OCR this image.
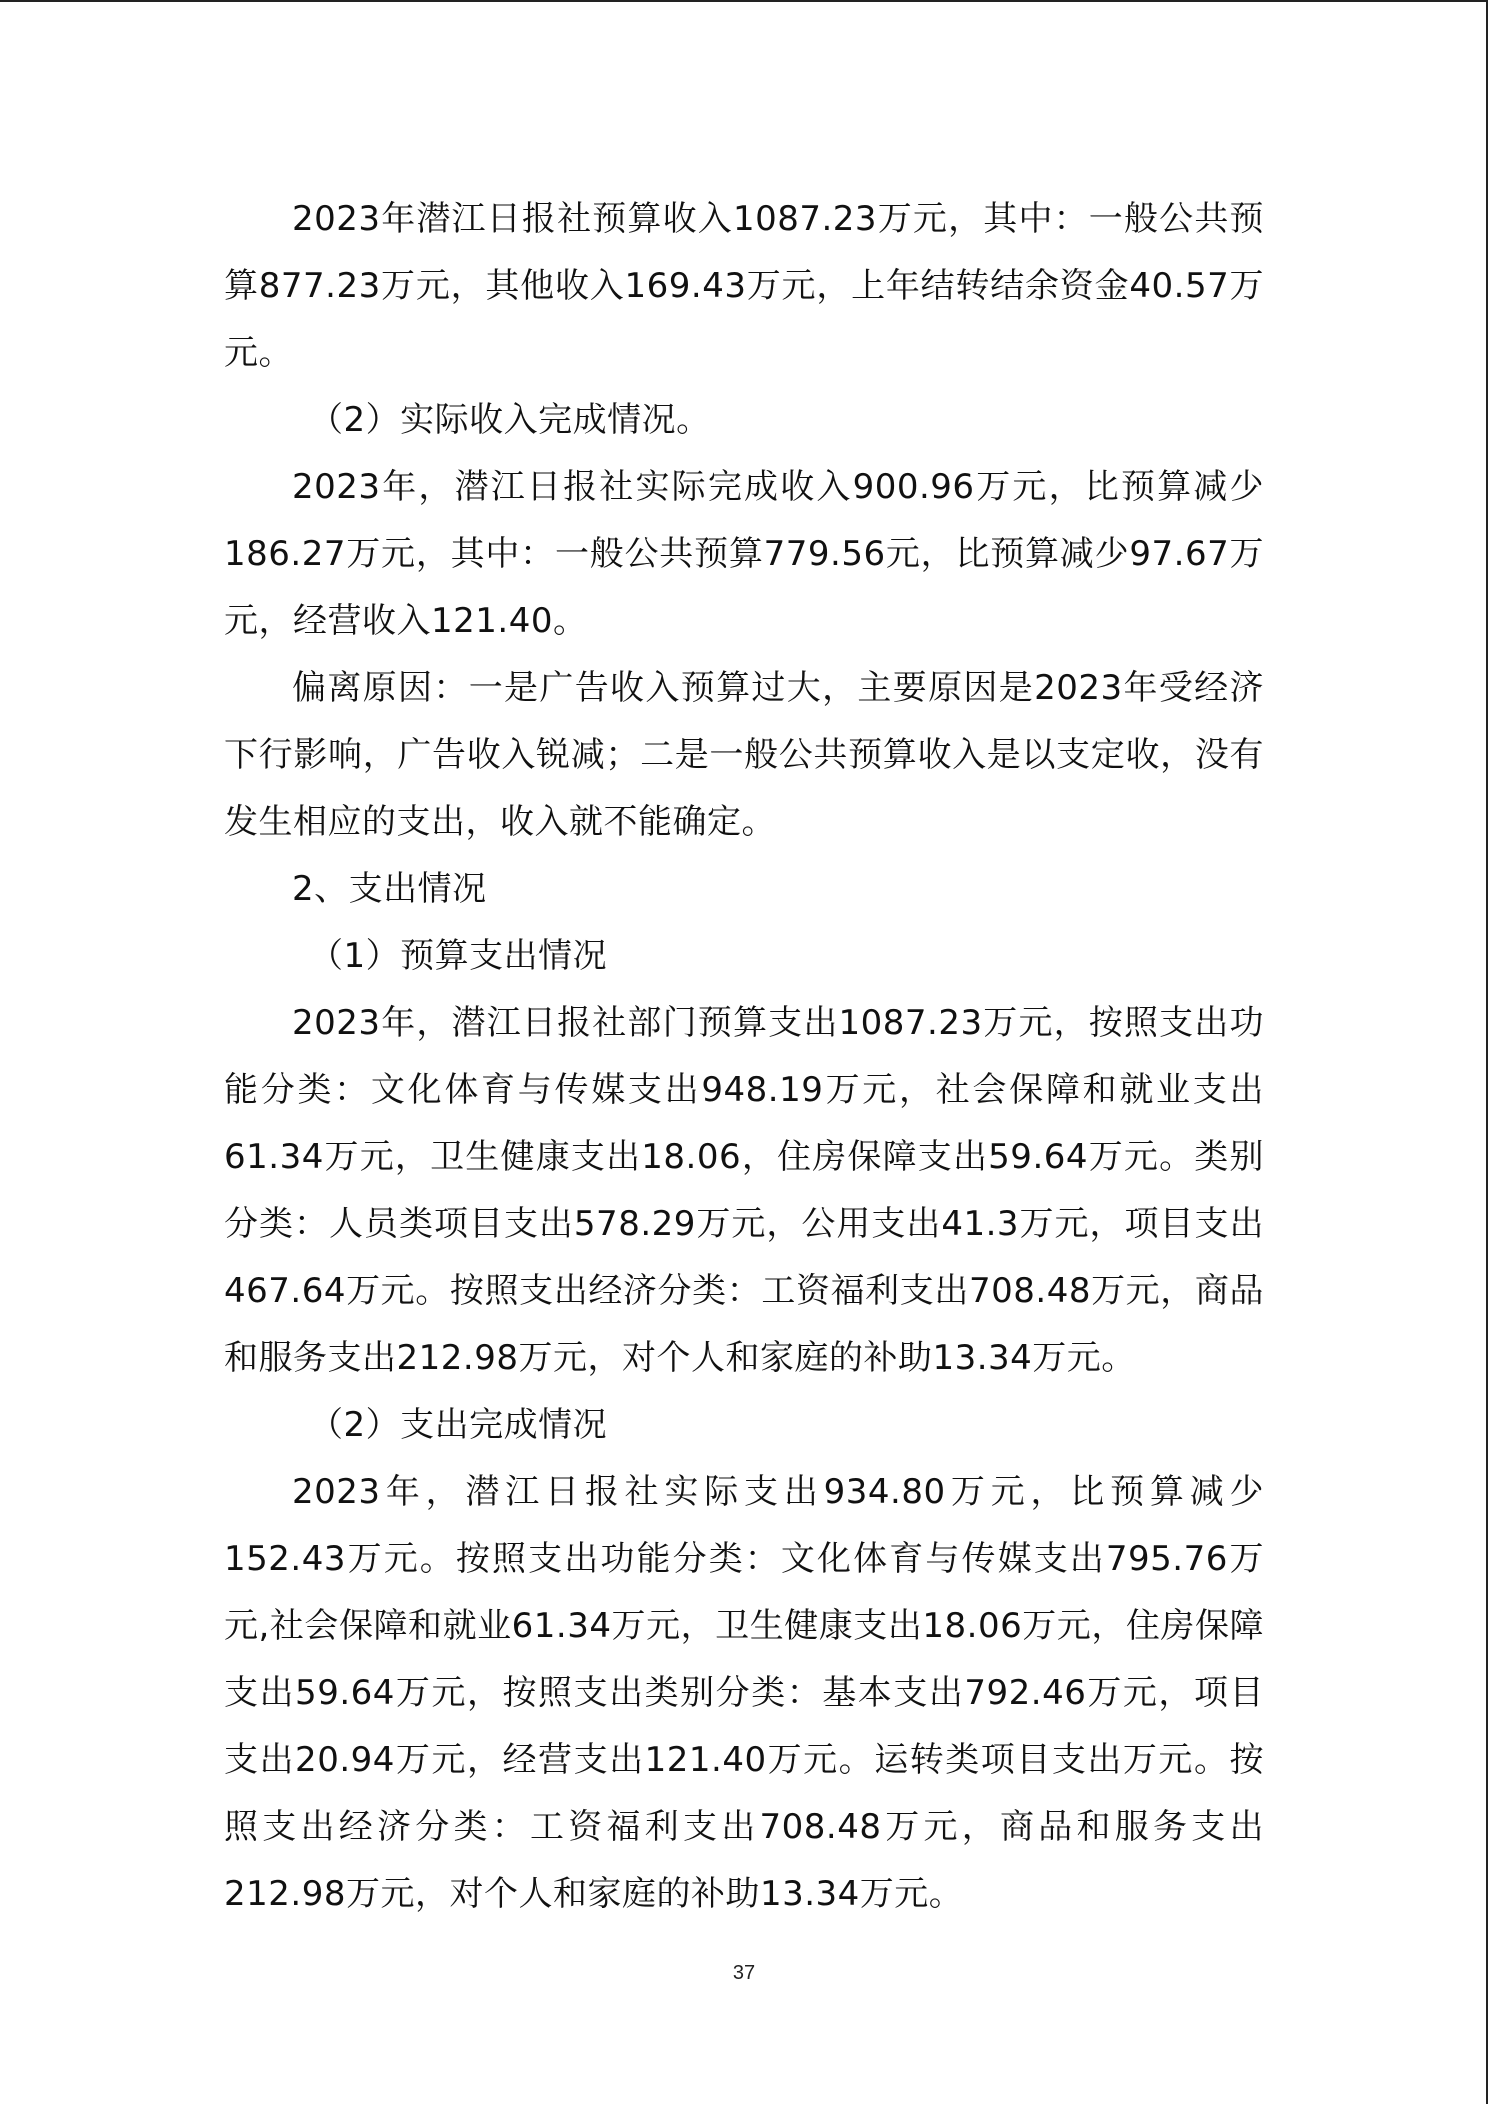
2023年潜江日报社预算收入1087.23万元，其中：一般公共预算877.23万元，其他收入169.43万元，上年结转结余资金40.57万元。

（2）实际收入完成情况。

2023年，潜江日报社实际完成收入900.96万元，比预算减少186.27万元，其中：一般公共预算779.56元，比预算减少97.67万元，经营收入121.40。

偏离原因：一是广告收入预算过大，主要原因是2023年受经济下行影响，广告收入锐减；二是一般公共预算收入是以支定收，没有发生相应的支出，收入就不能确定。

2、支出情况

（1）预算支出情况

2023年，潜江日报社部门预算支出1087.23万元，按照支出功能分类：文化体育与传媒支出948.19万元，社会保障和就业支出61.34万元，卫生健康支出18.06，住房保障支出59.64万元。类别分类：人员类项目支出578.29万元，公用支出41.3万元，项目支出467.64万元。按照支出经济分类：工资福利支出708.48万元，商品和服务支出212.98万元，对个人和家庭的补助13.34万元。

（2）支出完成情况

2023年，潜江日报社实际支出934.80万元，比预算减少152.43万元。按照支出功能分类：文化体育与传媒支出795.76万元,社会保障和就业61.34万元，卫生健康支出18.06万元，住房保障支出59.64万元，按照支出类别分类：基本支出792.46万元，项目支出20.94万元，经营支出121.40万元。运转类项目支出万元。按照支出经济分类：工资福利支出708.48万元，商品和服务支出212.98万元，对个人和家庭的补助13.34万元。

37
